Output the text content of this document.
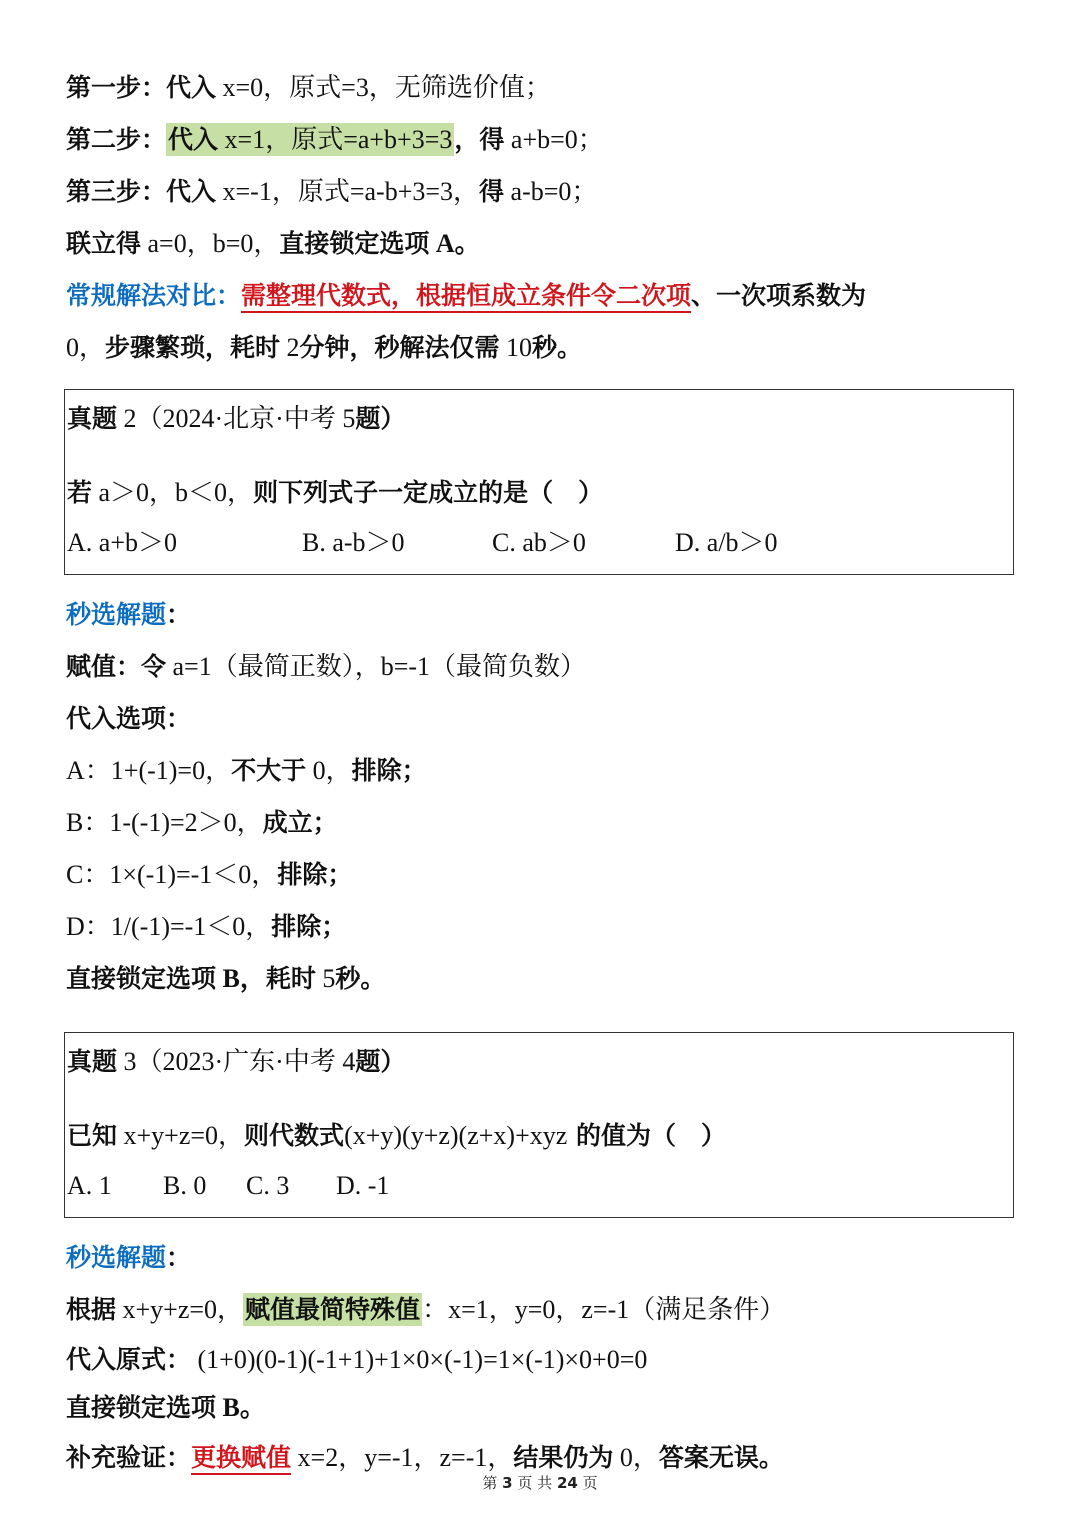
第一步：代入 x=0，原式=3，无筛选价值；
第二步：代入 x=1，原式=a+b+3=3，得 a+b=0；
第三步：代入 x=-1，原式=a-b+3=3，得 a-b=0；
联立得 a=0，b=0，直接锁定选项 A。
常规解法对比：需整理代数式，根据恒成立条件令二次项、一次项系数为
0，步骤繁琐，耗时 2分钟，秒解法仅需 10秒。
真题 2（2024·北京·中考 5题）
若 a＞0，b＜0，则下列式子一定成立的是（　）
A. a+b＞0	B. a-b＞0	C. ab＞0	D. a/b＞0
秒选解题：
赋值：令 a=1（最简正数），b=-1（最简负数）
代入选项：
A：1+(-1)=0，不大于 0，排除；
B：1-(-1)=2＞0，成立；
C：1×(-1)=-1＜0，排除；
D：1/(-1)=-1＜0，排除；
直接锁定选项 B，耗时 5秒。
真题 3（2023·广东·中考 4题）
已知 x+y+z=0，则代数式(x+y)(y+z)(z+x)+xyz 的值为（　）
A. 1 B. 0 C. 3 D. -1
秒选解题：
根据 x+y+z=0，赋值最简特殊值：x=1，y=0，z=-1（满足条件）
代入原式： (1+0)(0-1)(-1+1)+1×0×(-1)=1×(-1)×0+0=0
直接锁定选项 B。
补充验证：更换赋值 x=2，y=-1，z=-1，结果仍为 0，答案无误。
第 3 页 共 24 页
